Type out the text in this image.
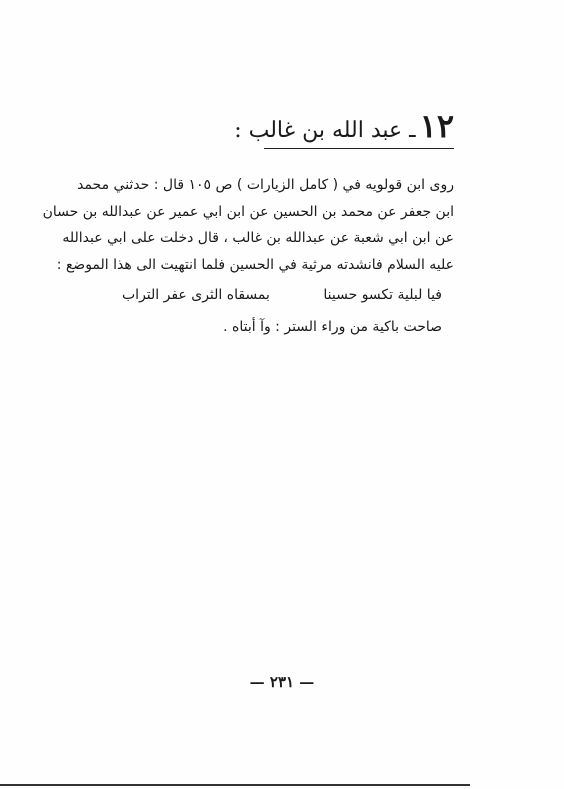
١٢ـ عبد الله بن غالب :
روى ابن قولويه في ( كامل الزيارات ) ص ١٠٥ قال : حدثني محمد
ابن جعفر عن محمد بن الحسين عن ابن ابي عمير عن عبدالله بن حسان
عن ابن ابي شعبة عن عبدالله بن غالب ، قال دخلت على ابي عبدالله
عليه السلام فانشدته مرثية في الحسين فلما انتهيت الى هذا الموضع :
فيا لبلية تكسو حسينا
بمسقاه الثرى عفر التراب
صاحت باكية من وراء الستر : وآ أبتاه .
— ٢٣١ —
